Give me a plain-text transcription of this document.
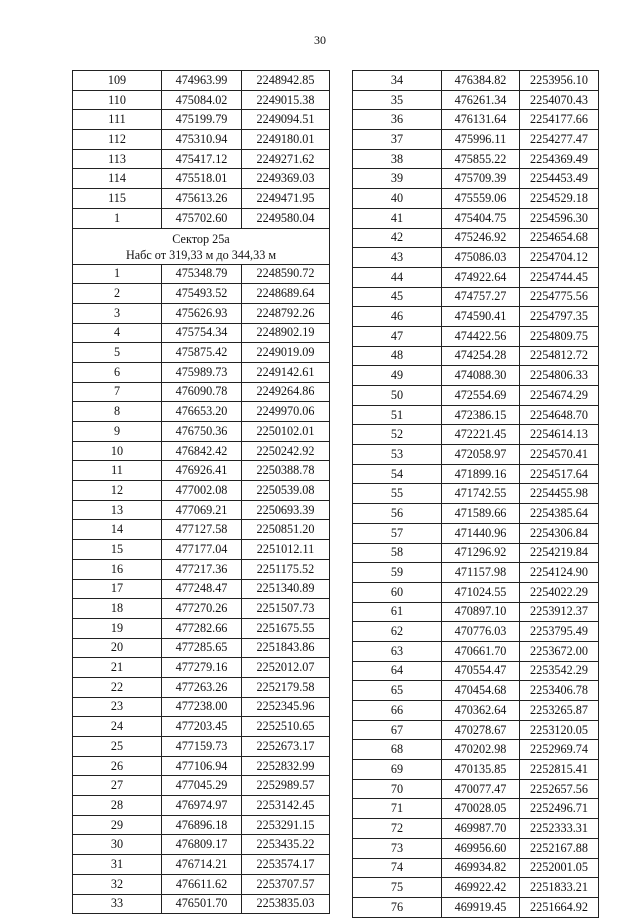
30
109	474963.99	2248942.85
110	475084.02	2249015.38
111	475199.79	2249094.51
112	475310.94	2249180.01
113	475417.12	2249271.62
114	475518.01	2249369.03
115	475613.26	2249471.95
1	475702.60	2249580.04

Сектор 25а
Набс от 319,33 м до 344,33 м		

1	475348.79	2248590.72
2	475493.52	2248689.64
3	475626.93	2248792.26
4	475754.34	2248902.19
5	475875.42	2249019.09
6	475989.73	2249142.61
7	476090.78	2249264.86
8	476653.20	2249970.06
9	476750.36	2250102.01
10	476842.42	2250242.92
11	476926.41	2250388.78
12	477002.08	2250539.08
13	477069.21	2250693.39
14	477127.58	2250851.20
15	477177.04	2251012.11
16	477217.36	2251175.52
17	477248.47	2251340.89
18	477270.26	2251507.73
19	477282.66	2251675.55
20	477285.65	2251843.86
21	477279.16	2252012.07
22	477263.26	2252179.58
23	477238.00	2252345.96
24	477203.45	2252510.65
25	477159.73	2252673.17
26	477106.94	2252832.99
27	477045.29	2252989.57
28	476974.97	2253142.45
29	476896.18	2253291.15
30	476809.17	2253435.22
31	476714.21	2253574.17
32	476611.62	2253707.57
33	476501.70	2253835.03
34	476384.82	2253956.10
35	476261.34	2254070.43
36	476131.64	2254177.66
37	475996.11	2254277.47
38	475855.22	2254369.49
39	475709.39	2254453.49
40	475559.06	2254529.18
41	475404.75	2254596.30
42	475246.92	2254654.68
43	475086.03	2254704.12
44	474922.64	2254744.45
45	474757.27	2254775.56
46	474590.41	2254797.35
47	474422.56	2254809.75
48	474254.28	2254812.72
49	474088.30	2254806.33
50	472554.69	2254674.29
51	472386.15	2254648.70
52	472221.45	2254614.13
53	472058.97	2254570.41
54	471899.16	2254517.64
55	471742.55	2254455.98
56	471589.66	2254385.64
57	471440.96	2254306.84
58	471296.92	2254219.84
59	471157.98	2254124.90
60	471024.55	2254022.29
61	470897.10	2253912.37
62	470776.03	2253795.49
63	470661.70	2253672.00
64	470554.47	2253542.29
65	470454.68	2253406.78
66	470362.64	2253265.87
67	470278.67	2253120.05
68	470202.98	2252969.74
69	470135.85	2252815.41
70	470077.47	2252657.56
71	470028.05	2252496.71
72	469987.70	2252333.31
73	469956.60	2252167.88
74	469934.82	2252001.05
75	469922.42	2251833.21
76	469919.45	2251664.92
